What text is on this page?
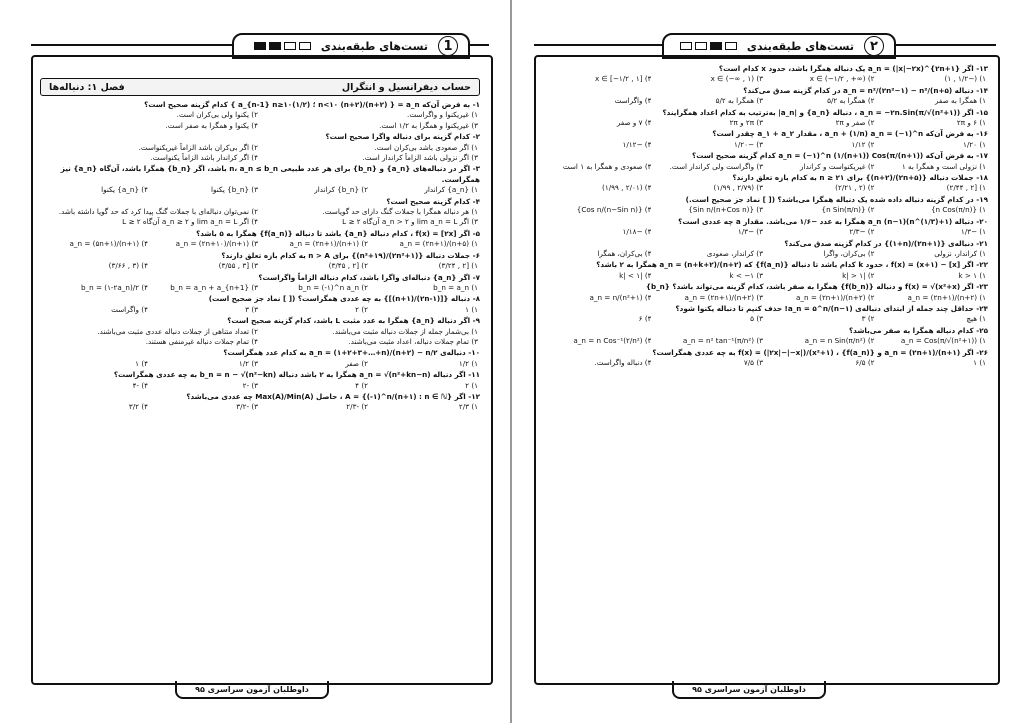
1
تست‌های طبقه‌بندی
حساب دیفرانسیل و انتگرال
فصل ۱: دنباله‌ها
۱- به فرض آن‌که a_n = { (n+۲)/(n+۲) n<۱۰ ؛ (۱/۲)a_{n-1} n≥۱۰ } کدام گزینه صحیح است؟
۱) غیریکنوا و واگراست.
۲) یکنوا ولی بی‌کران است.
۳) غیریکنوا و همگرا به ۱/۲ است.
۴) یکنوا و همگرا به صفر است.
۲- کدام گزینه برای دنباله واگرا صحیح است؟
۱) اگر صعودی باشد بی‌کران است.
۲) اگر بی‌کران باشد الزاماً غیریکنواست.
۳) اگر نزولی باشد الزاماً کراندار است.
۴) اگر کراندار باشد الزاماً یکنواست.
۳- اگر در دنباله‌های {a_n} و {b_n} برای هر عدد طبیعی n، a_n ≤ b_n باشد، اگر {b_n} همگرا باشد، آن‌گاه {a_n} نیز همگراست.
۱) {a_n} کراندار
۲) {b_n} کراندار
۳) {b_n} یکنوا
۴) {a_n} یکنوا
۴- کدام گزینه صحیح است؟
۱) هر دنباله همگرا با جملات گنگ دارای حد گویاست.
۲) نمی‌توان دنباله‌ای با جملات گنگ پیدا کرد که حد گویا داشته باشد.
۳) اگر lim a_n = L و a_n > ۲ آن‌گاه L ≥ ۲
۴) اگر lim a_n = L و a_n ≥ ۲ آن‌گاه L ≥ ۲
۵- اگر f(x) = [۲x] ، کدام دنباله {a_n} باشد تا دنباله {f(a_n)} همگرا به ۵ باشد؟
۱) a_n = (۲n+۱)/(n+۵)
۲) a_n = (۲n+۱)/(n+۱)
۳) a_n = (۲n+۱۰)/(n+۱)
۴) a_n = (۵n+۱)/(n+۱)
۶- جملات دنباله {(۲n²+۱)/(n²+۱۹)} برای n > A به کدام بازه تعلق دارند؟
۱) [۲ , ۳/۲۴)
۲) [۲ , ۳/۴۵)
۳) [۳ , ۳/۵۵)
۴) (۳ , ۳/۶۶)
۷- اگر {a_n} دنباله‌ای واگرا باشد، کدام دنباله الزاماً واگراست؟
۱) b_n = a_n
۲) b_n = (-۱)^n a_n
۳) b_n = a_n + a_{n+1}
۴) b_n = (۱-۲a_n)/۲
۸- دنباله {[(۲n-۱)/(n+۱)]} به چه عددی همگراست؟ ([ ] نماد جز صحیح است)
۱) ۱
۲) ۲
۳) ۳
۴) واگراست
۹- اگر دنباله {a_n} همگرا به عدد مثبت L باشد، کدام گزینه صحیح است؟
۱) بی‌شمار جمله از جملات دنباله مثبت می‌باشند.
۲) تعداد متناهی از جملات دنباله عددی مثبت می‌باشند.
۳) تمام جملات دنباله، اعداد مثبت می‌باشند.
۴) تمام جملات دنباله غیرمنفی هستند.
۱۰- دنباله‌ی a_n = (۱+۲+۳+…+n)/(n+۲) − n/۲ به کدام عدد همگراست؟
۱) ۱/۲
۲) صفر
۳) ۱/۲
۴) ۱
۱۱- اگر دنباله a_n = √(n²+kn−n) همگرا به ۲ باشد دنباله b_n = n − √(n²−kn) به چه عددی همگراست؟
۱) ۲
۲) ۴
۳) -۲
۴) -۴
۱۲- اگر A = {(-۱)^n/(n+۱) : n ∈ ℕ} ، حاصل Max(A)/Min(A) چه عددی می‌باشد؟
۱) ۲/۳
۲) -۲/۳
۳) -۳/۲
۴) ۳/۲
داوطلبان آزمون سراسری ۹۵
۲
تست‌های طبقه‌بندی
۱۳- اگر a_n = (|x|−۲x)^{۲n+۱} یک دنباله همگرا باشد، حدود x کدام است؟
۱) (−۱/۲ , ۱)
۲) x ∈ (−۱/۲ , +∞)
۳) x ∈ (−∞ , ۱)
۴) x ∈ [−۱/۲ , ۱]
۱۴- دنباله a_n = n²/(۲n²−۱) − n²/(n+۵) در کدام گزینه صدق می‌کند؟
۱) همگرا به صفر
۲) همگرا به ۵/۲
۳) همگرا به ۵/۲
۴) واگراست
۱۵- اگر a_n = −۲n.Sin(π/√(n²+۱)) ، دنباله {a_n} و |a_n| به‌ترتیب به کدام اعداد همگرایند؟
۱) ۶ و ۲π
۲) صفر و ۲π
۳) ۲π و ۲π
۴) ۷ و صفر
۱۶- به فرض آن‌که a_n + (۱/n) a_n = (−۱)^n ، مقدار a_۱ + a_۲ چقدر است؟
۱) ۱/۲۰
۲) ۱/۱۲
۳) −۱/۲۰
۴) −۱/۱۲
۱۷- به فرض آن‌که a_n = (−۱)^n (۱/(n+۱)) Cos(π/(n+۱)) کدام گزینه صحیح است؟
۱) نزولی است و همگرا به ۱
۲) غیریکنواست و کراندار
۳) واگراست ولی کراندار است.
۴) صعودی و همگرا به ۱ است
۱۸- جملات دنباله {(۲n+۵)/(n+۲)} برای n ≥ ۲۱ به کدام بازه تعلق دارند؟
۱) [۲ , ۲/۴۴)
۲) (۲ , ۲/۲۱)
۳) (۲/۷۹ , ۱/۹۹)
۴) (۲/۰۱ , ۱/۹۹)
۱۹- در کدام گزینه دنباله داده شده یک دنباله همگرا می‌باشد؟ ([ ] نماد جز صحیح است.)
۱) {n Cos(π/n)}
۲) {n Sin(π/n)}
۳) {Sin n/(n+Cos n)}
۴) {Cos n/(n−Sin n)}
۲۰- دنباله (۱+(۱/۳)^n)(n−۱) a_n همگرا به عدد −۱/۶ می‌باشد. مقدار a چه عددی است؟
۱) −۱/۳
۲) −۲/۳
۳) −۱/۳
۴) −۱/۱۸
۲۱- دنباله‌ی {(۱+۲n)/(۱+n)} در کدام گزینه صدق می‌کند؟
۱) کراندار، نزولی
۲) بی‌کران، واگرا
۳) کراندار، صعودی
۴) بی‌کران، همگرا
۲۲- اگر f(x) = (x+۱) − [x] ، حدود k کدام باشد تا دنباله {f(a_n)} که a_n = (n+k+۲)/(n+۲) همگرا به ۲ باشد؟
۱) k > ۱
۲) |k| > ۱
۳) k < −۱
۴) |k| < ۱
۲۳- اگر f(x) = √(x²+x) و دنباله {f(b_n)} همگرا به صفر باشد، کدام گزینه می‌تواند باشد؟ {b_n}
۱) a_n = (۲n+۱)/(n+۲)
۲) a_n = (۲n+۱)/(n+۲)
۳) a_n = (۲n+۱)/(n+۲)
۴) a_n = n/(n²+۱)
۲۴- حداقل چند جمله از ابتدای دنباله‌ی a_n = ۵^n/(n−۱)! حذف کنیم تا دنباله یکنوا شود؟
۱) هیچ
۲) ۳
۳) ۵
۴) ۶
۲۵- کدام دنباله همگرا به صفر می‌باشد؟
۱) a_n = Cos(π/√(n²+۱))
۲) a_n = n Sin(π/n²)
۳) a_n = n² tan⁻¹(π/n²)
۴) a_n = n Cos⁻¹(۲/n²)
۲۶- اگر a_n = (۲n+۱)/(n+۱) و f(x) = (|۲x|−|−x|)/(x²+۱) ، {f(a_n)} به چه عددی همگراست؟
۱) ۱
۲) ۶/۵
۳) ۷/۵
۴) دنباله واگراست.
داوطلبان آزمون سراسری ۹۵
